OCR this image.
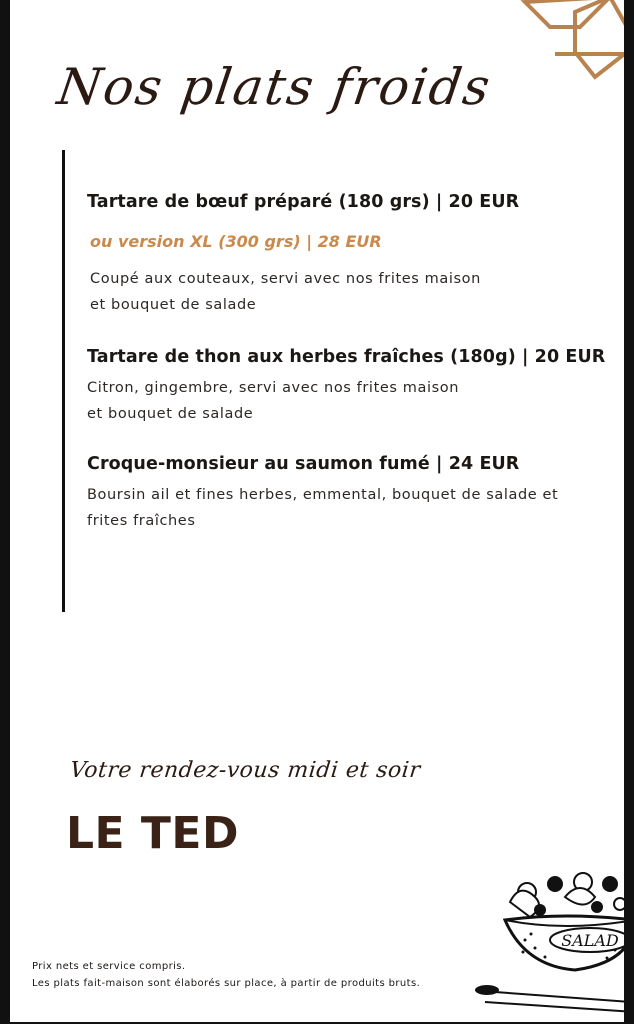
Nos plats froids
Tartare de bœuf préparé (180 grs) | 20 EUR
ou version XL (300 grs) | 28 EUR
Coupé aux couteaux, servi avec nos frites maison
et bouquet de salade
Tartare de thon aux herbes fraîches (180g) | 20 EUR
Citron, gingembre, servi avec nos frites maison
et bouquet de salade
Croque-monsieur au saumon fumé | 24 EUR
Boursin ail et fines herbes, emmental, bouquet de salade et
frites fraîches
Votre rendez-vous midi et soir
LE TED
Prix nets et service compris.
Les plats fait-maison sont élaborés sur place, à partir de produits bruts.
SALAD
